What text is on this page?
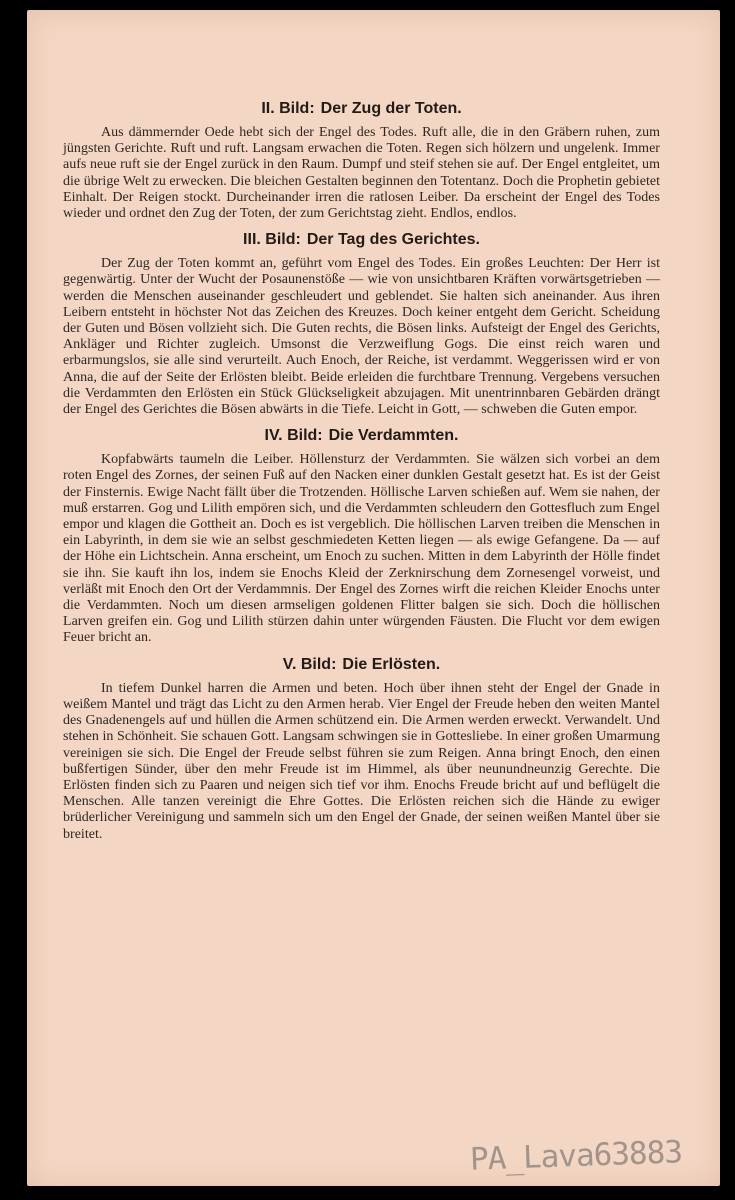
II. Bild: Der Zug der Toten.

Aus dämmernder Oede hebt sich der Engel des Todes. Ruft alle, die in den Gräbern ruhen, zum jüngsten Gerichte. Ruft und ruft. Langsam erwachen die Toten. Regen sich hölzern und ungelenk. Immer aufs neue ruft sie der Engel zurück in den Raum. Dumpf und steif stehen sie auf. Der Engel entgleitet, um die übrige Welt zu erwecken. Die bleichen Gestalten beginnen den Totentanz. Doch die Prophetin gebietet Einhalt. Der Reigen stockt. Durcheinander irren die ratlosen Leiber. Da erscheint der Engel des Todes wieder und ordnet den Zug der Toten, der zum Gerichtstag zieht. Endlos, endlos.

III. Bild: Der Tag des Gerichtes.

Der Zug der Toten kommt an, geführt vom Engel des Todes. Ein großes Leuchten: Der Herr ist gegenwärtig. Unter der Wucht der Posaunenstöße — wie von unsichtbaren Kräften vorwärtsgetrieben — werden die Menschen auseinander geschleudert und geblendet. Sie halten sich aneinander. Aus ihren Leibern entsteht in höchster Not das Zeichen des Kreuzes. Doch keiner entgeht dem Gericht. Scheidung der Guten und Bösen vollzieht sich. Die Guten rechts, die Bösen links. Aufsteigt der Engel des Gerichts, Ankläger und Richter zugleich. Umsonst die Verzweiflung Gogs. Die einst reich waren und erbarmungslos, sie alle sind verurteilt. Auch Enoch, der Reiche, ist verdammt. Weggerissen wird er von Anna, die auf der Seite der Erlösten bleibt. Beide erleiden die furchtbare Trennung. Vergebens versuchen die Verdammten den Erlösten ein Stück Glückseligkeit abzujagen. Mit unentrinnbaren Gebärden drängt der Engel des Gerichtes die Bösen abwärts in die Tiefe. Leicht in Gott, — schweben die Guten empor.

IV. Bild: Die Verdammten.

Kopfabwärts taumeln die Leiber. Höllensturz der Verdammten. Sie wälzen sich vorbei an dem roten Engel des Zornes, der seinen Fuß auf den Nacken einer dunklen Gestalt gesetzt hat. Es ist der Geist der Finsternis. Ewige Nacht fällt über die Trotzenden. Höllische Larven schießen auf. Wem sie nahen, der muß erstarren. Gog und Lilith empören sich, und die Verdammten schleudern den Gottesfluch zum Engel empor und klagen die Gottheit an. Doch es ist vergeblich. Die höllischen Larven treiben die Menschen in ein Labyrinth, in dem sie wie an selbst geschmiedeten Ketten liegen — als ewige Gefangene. Da — auf der Höhe ein Lichtschein. Anna erscheint, um Enoch zu suchen. Mitten in dem Labyrinth der Hölle findet sie ihn. Sie kauft ihn los, indem sie Enochs Kleid der Zerknirschung dem Zornesengel vorweist, und verläßt mit Enoch den Ort der Verdammnis. Der Engel des Zornes wirft die reichen Kleider Enochs unter die Verdammten. Noch um diesen armseligen goldenen Flitter balgen sie sich. Doch die höllischen Larven greifen ein. Gog und Lilith stürzen dahin unter würgenden Fäusten. Die Flucht vor dem ewigen Feuer bricht an.

V. Bild: Die Erlösten.

In tiefem Dunkel harren die Armen und beten. Hoch über ihnen steht der Engel der Gnade in weißem Mantel und trägt das Licht zu den Armen herab. Vier Engel der Freude heben den weiten Mantel des Gnadenengels auf und hüllen die Armen schützend ein. Die Armen werden erweckt. Verwandelt. Und stehen in Schönheit. Sie schauen Gott. Langsam schwingen sie in Gottesliebe. In einer großen Umarmung vereinigen sie sich. Die Engel der Freude selbst führen sie zum Reigen. Anna bringt Enoch, den einen bußfertigen Sünder, über den mehr Freude ist im Himmel, als über neunundneunzig Gerechte. Die Erlösten finden sich zu Paaren und neigen sich tief vor ihm. Enochs Freude bricht auf und beflügelt die Menschen. Alle tanzen vereinigt die Ehre Gottes. Die Erlösten reichen sich die Hände zu ewiger brüderlicher Vereinigung und sammeln sich um den Engel der Gnade, der seinen weißen Mantel über sie breitet.

PA_Lava63883
